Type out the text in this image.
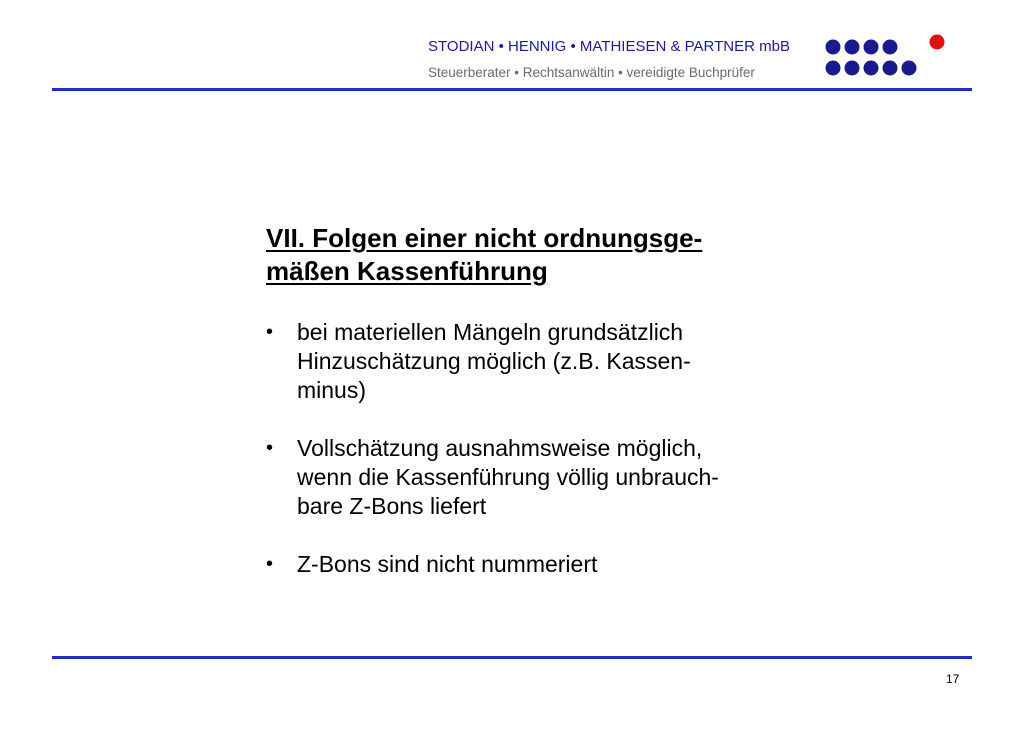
STODIAN • HENNIG • MATHIESEN & PARTNER mbB
Steuerberater • Rechtsanwältin • vereidigte Buchprüfer
VII. Folgen einer nicht ordnungsge-
mäßen Kassenführung
• bei materiellen Mängeln grundsätzlich
Hinzuschätzung möglich (z.B. Kassen-
minus)
• Vollschätzung ausnahmsweise möglich,
wenn die Kassenführung völlig unbrauch-
bare Z-Bons liefert
• Z-Bons sind nicht nummeriert
17
